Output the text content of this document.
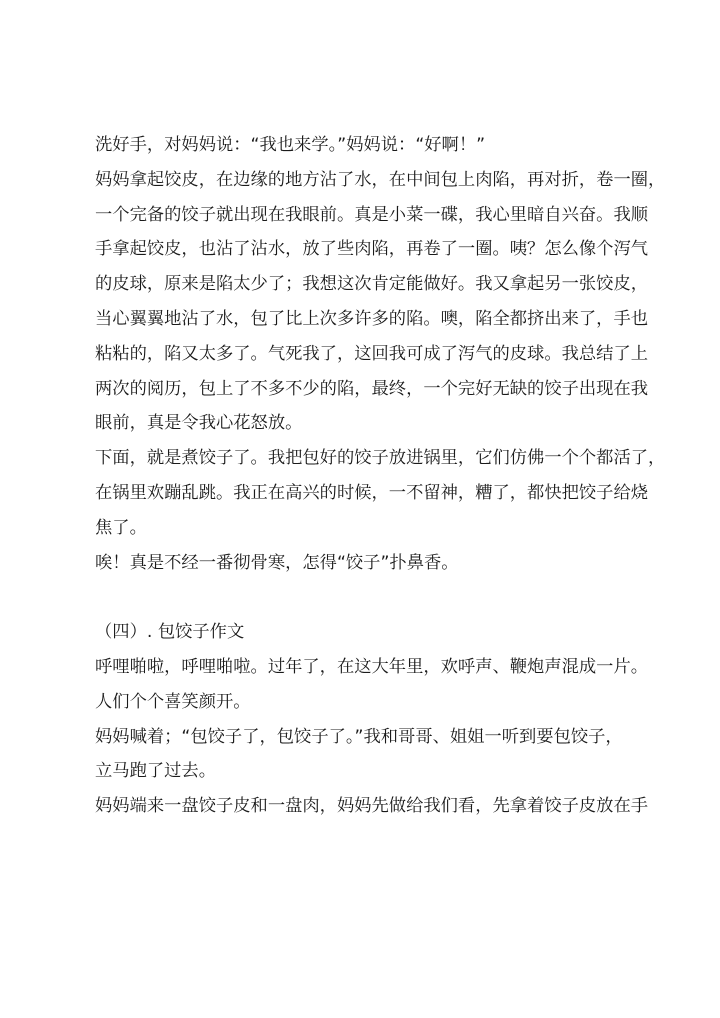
洗好手，对妈妈说：“我也来学。”妈妈说：“好啊！”
妈妈拿起饺皮，在边缘的地方沾了水，在中间包上肉陷，再对折，卷一圈，
一个完备的饺子就出现在我眼前。真是小菜一碟，我心里暗自兴奋。我顺
手拿起饺皮，也沾了沾水，放了些肉陷，再卷了一圈。咦？怎么像个泻气
的皮球，原来是陷太少了；我想这次肯定能做好。我又拿起另一张饺皮，
当心翼翼地沾了水，包了比上次多许多的陷。噢，陷全都挤出来了，手也
粘粘的，陷又太多了。气死我了，这回我可成了泻气的皮球。我总结了上
两次的阅历，包上了不多不少的陷，最终，一个完好无缺的饺子出现在我
眼前，真是令我心花怒放。
下面，就是煮饺子了。我把包好的饺子放进锅里，它们仿佛一个个都活了，
在锅里欢蹦乱跳。我正在高兴的时候，一不留神，糟了，都快把饺子给烧
焦了。
唉！真是不经一番彻骨寒，怎得“饺子”扑鼻香。
（四）. 包饺子作文
呼哩啪啦，呼哩啪啦。过年了，在这大年里，欢呼声、鞭炮声混成一片。
人们个个喜笑颜开。
妈妈喊着；“包饺子了，包饺子了。”我和哥哥、姐姐一听到要包饺子，
立马跑了过去。
妈妈端来一盘饺子皮和一盘肉，妈妈先做给我们看，先拿着饺子皮放在手
